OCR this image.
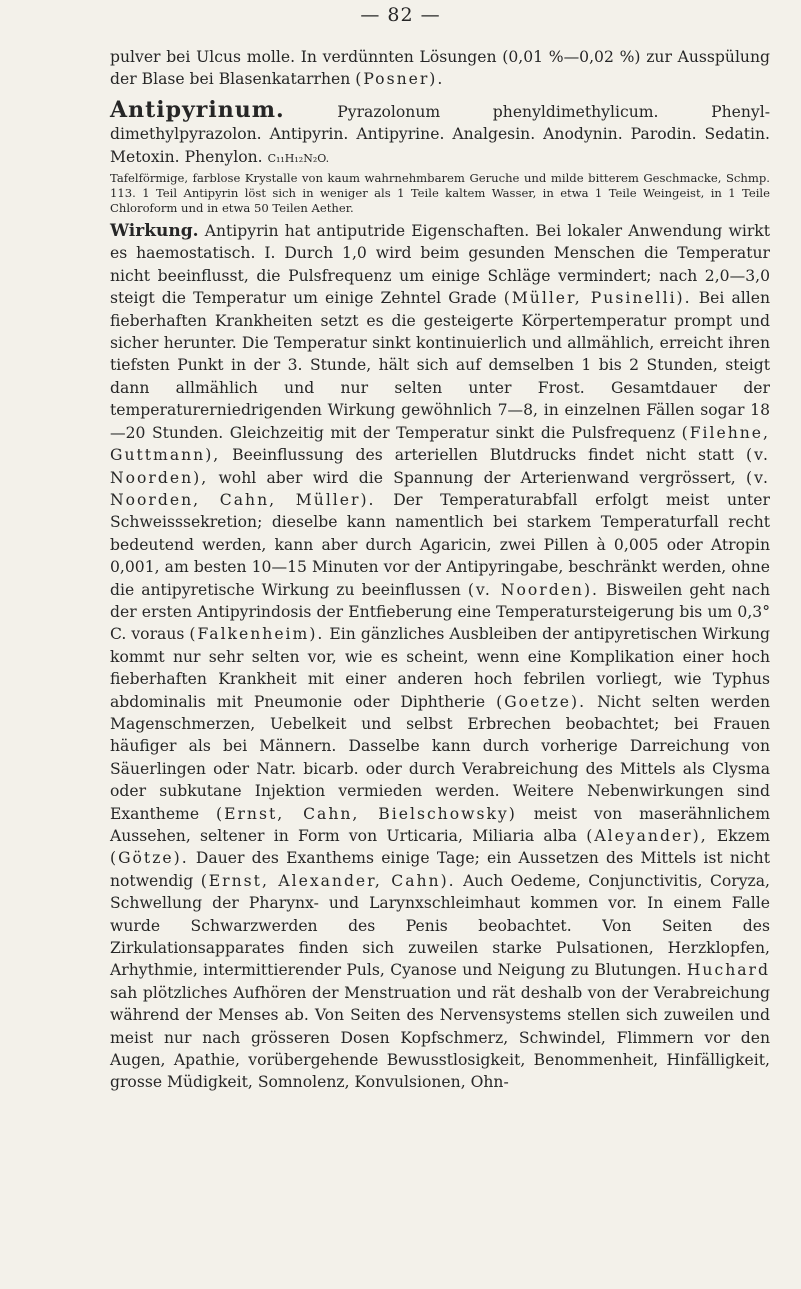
— 82 —

pulver bei Ulcus molle. In verdünnten Lösungen (0,01 %—0,02 %) zur Ausspülung der Blase bei Blasenkatarrhen (Posner).

Antipyrinum.	Pyrazolonum phenyldimethylicum. Phenyl-dimethylpyrazolon. Antipyrin. Antipyrine. Analgesin. Anodynin. Parodin. Sedatin. Metoxin. Phenylon. C₁₁H₁₂N₂O.

Tafelförmige, farblose Krystalle von kaum wahrnehmbarem Geruche und milde bitterem Geschmacke, Schmp. 113. 1 Teil Antipyrin löst sich in weniger als 1 Teile kaltem Wasser, in etwa 1 Teile Weingeist, in 1 Teile Chloroform und in etwa 50 Teilen Aether.

Wirkung. Antipyrin hat antiputride Eigenschaften. Bei lokaler Anwendung wirkt es haemostatisch. I. Durch 1,0 wird beim gesunden Menschen die Temperatur nicht beeinflusst, die Pulsfrequenz um einige Schläge vermindert; nach 2,0—3,0 steigt die Temperatur um einige Zehntel Grade (Müller, Pusinelli). Bei allen fieberhaften Krankheiten setzt es die gesteigerte Körpertemperatur prompt und sicher herunter. Die Temperatur sinkt kontinuierlich und allmählich, erreicht ihren tiefsten Punkt in der 3. Stunde, hält sich auf demselben 1 bis 2 Stunden, steigt dann allmählich und nur selten unter Frost. Gesamtdauer der temperaturerniedrigenden Wirkung gewöhnlich 7—8, in einzelnen Fällen sogar 18—20 Stunden. Gleichzeitig mit der Temperatur sinkt die Pulsfrequenz (Filehne, Guttmann), Beeinflussung des arteriellen Blutdrucks findet nicht statt (v. Noorden), wohl aber wird die Spannung der Arterienwand vergrössert, (v. Noorden, Cahn, Müller). Der Temperaturabfall erfolgt meist unter Schweisssekretion; dieselbe kann namentlich bei starkem Temperaturfall recht bedeutend werden, kann aber durch Agaricin, zwei Pillen à 0,005 oder Atropin 0,001, am besten 10—15 Minuten vor der Antipyringabe, beschränkt werden, ohne die antipyretische Wirkung zu beeinflussen (v. Noorden). Bisweilen geht nach der ersten Antipyrindosis der Entfieberung eine Temperatursteigerung bis um 0,3° C. voraus (Falkenheim). Ein gänzliches Ausbleiben der antipyretischen Wirkung kommt nur sehr selten vor, wie es scheint, wenn eine Komplikation einer hoch fieberhaften Krankheit mit einer anderen hoch febrilen vorliegt, wie Typhus abdominalis mit Pneumonie oder Diphtherie (Goetze). Nicht selten werden Magenschmerzen, Uebelkeit und selbst Erbrechen beobachtet; bei Frauen häufiger als bei Männern. Dasselbe kann durch vorherige Darreichung von Säuerlingen oder Natr. bicarb. oder durch Verabreichung des Mittels als Clysma oder subkutane Injektion vermieden werden. Weitere Nebenwirkungen sind Exantheme (Ernst, Cahn, Bielschowsky) meist von maserähnlichem Aussehen, seltener in Form von Urticaria, Miliaria alba (Aleyander), Ekzem (Götze). Dauer des Exanthems einige Tage; ein Aussetzen des Mittels ist nicht notwendig (Ernst, Alexander, Cahn). Auch Oedeme, Conjunctivitis, Coryza, Schwellung der Pharynx- und Larynxschleimhaut kommen vor. In einem Falle wurde Schwarzwerden des Penis beobachtet. Von Seiten des Zirkulationsapparates finden sich zuweilen starke Pulsationen, Herzklopfen, Arhythmie, intermittierender Puls, Cyanose und Neigung zu Blutungen. Huchard sah plötzliches Aufhören der Menstruation und rät deshalb von der Verabreichung während der Menses ab. Von Seiten des Nervensystems stellen sich zuweilen und meist nur nach grösseren Dosen Kopfschmerz, Schwindel, Flimmern vor den Augen, Apathie, vorübergehende Bewusstlosigkeit, Benommenheit, Hinfälligkeit, grosse Müdigkeit, Somnolenz, Konvulsionen, Ohn-
